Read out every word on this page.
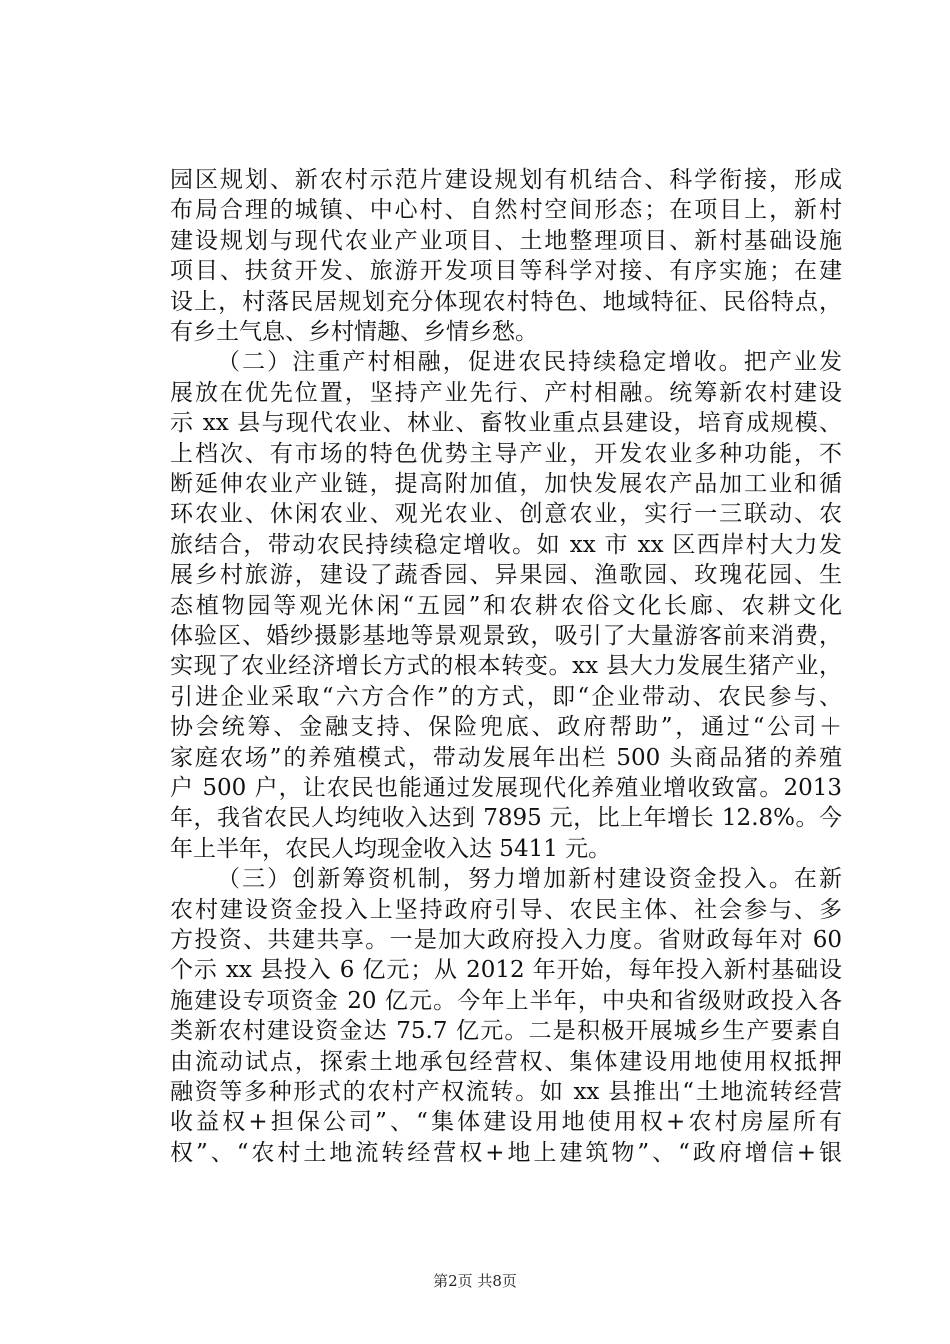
园区规划、新农村示范片建设规划有机结合、科学衔接，形成
布局合理的城镇、中心村、自然村空间形态；在项目上，新村
建设规划与现代农业产业项目、土地整理项目、新村基础设施
项目、扶贫开发、旅游开发项目等科学对接、有序实施；在建
设上，村落民居规划充分体现农村特色、地域特征、民俗特点，
有乡土气息、乡村情趣、乡情乡愁。
（二）注重产村相融，促进农民持续稳定增收。把产业发
展放在优先位置，坚持产业先行、产村相融。统筹新农村建设
示 xx 县与现代农业、林业、畜牧业重点县建设，培育成规模、
上档次、有市场的特色优势主导产业，开发农业多种功能，不
断延伸农业产业链，提高附加值，加快发展农产品加工业和循
环农业、休闲农业、观光农业、创意农业，实行一三联动、农
旅结合，带动农民持续稳定增收。如 xx 市 xx 区西岸村大力发
展乡村旅游，建设了蔬香园、异果园、渔歌园、玫瑰花园、生
态植物园等观光休闲“五园”和农耕农俗文化长廊、农耕文化
体验区、婚纱摄影基地等景观景致，吸引了大量游客前来消费，
实现了农业经济增长方式的根本转变。xx 县大力发展生猪产业，
引进企业采取“六方合作”的方式，即“企业带动、农民参与、
协会统筹、金融支持、保险兜底、政府帮助”，通过“公司＋
家庭农场”的养殖模式，带动发展年出栏 500 头商品猪的养殖
户 500 户，让农民也能通过发展现代化养殖业增收致富。2013
年，我省农民人均纯收入达到 7895 元，比上年增长 12.8%。今
年上半年，农民人均现金收入达 5411 元。
（三）创新筹资机制，努力增加新村建设资金投入。在新
农村建设资金投入上坚持政府引导、农民主体、社会参与、多
方投资、共建共享。一是加大政府投入力度。省财政每年对 60
个示 xx 县投入 6 亿元；从 2012 年开始，每年投入新村基础设
施建设专项资金 20 亿元。今年上半年，中央和省级财政投入各
类新农村建设资金达 75.7 亿元。二是积极开展城乡生产要素自
由流动试点，探索土地承包经营权、集体建设用地使用权抵押
融资等多种形式的农村产权流转。如 xx 县推出“土地流转经营
收益权+担保公司”、“集体建设用地使用权+农村房屋所有
权”、“农村土地流转经营权+地上建筑物”、“政府增信+银
第2页 共8页
